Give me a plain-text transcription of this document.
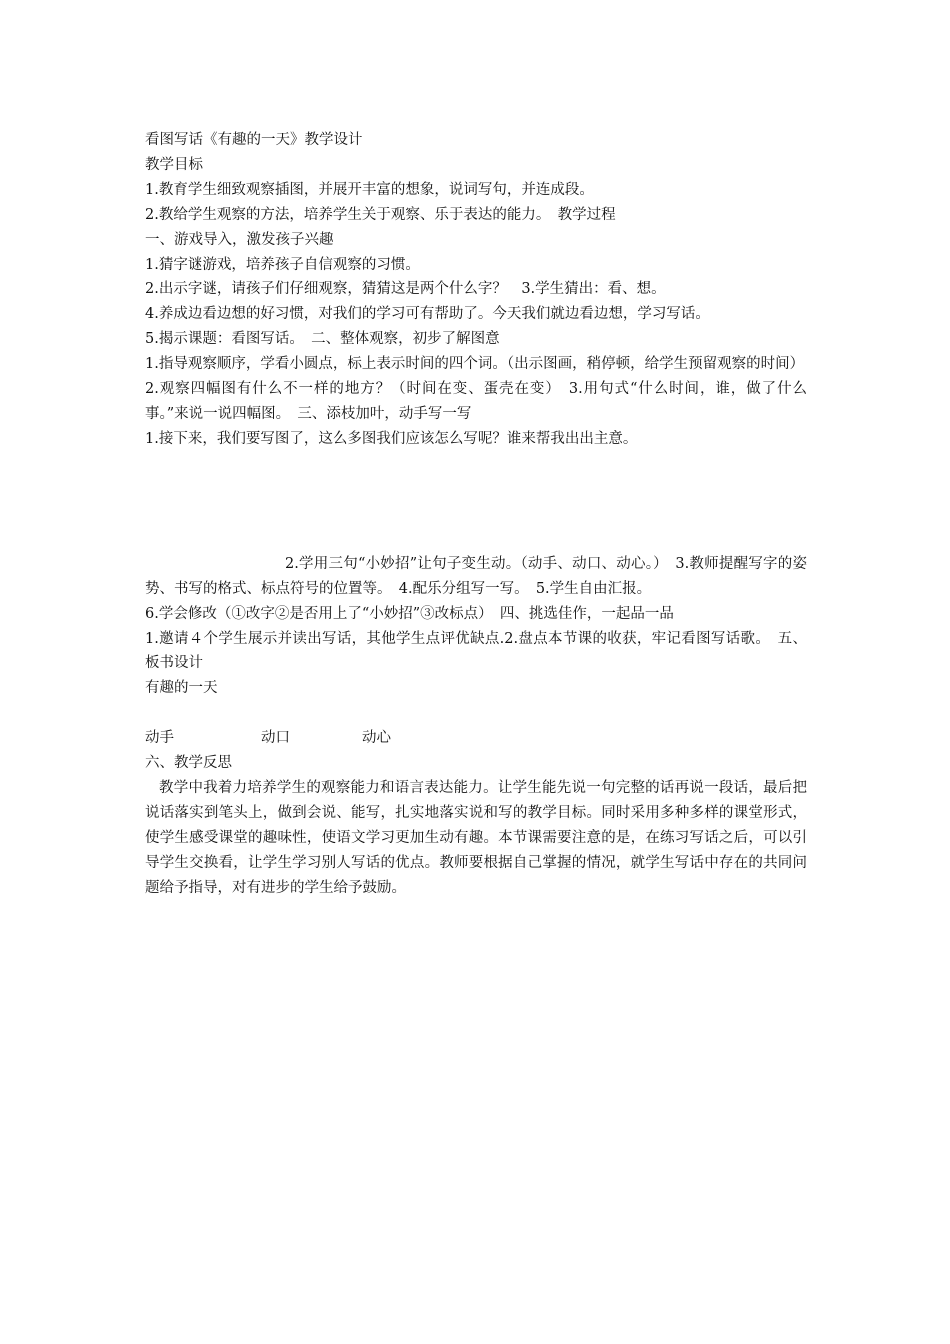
看图写话《有趣的一天》教学设计
教学目标
1.教育学生细致观察插图，并展开丰富的想象，说词写句，并连成段。
2.教给学生观察的方法，培养学生关于观察、乐于表达的能力。　教学过程
一、游戏导入，激发孩子兴趣
1.猜字谜游戏，培养孩子自信观察的习惯。
2.出示字谜，请孩子们仔细观察，猜猜这是两个什么字？　3.学生猜出：看、想。
4.养成边看边想的好习惯，对我们的学习可有帮助了。今天我们就边看边想，学习写话。
5.揭示课题：看图写话。　二、整体观察，初步了解图意
1.指导观察顺序，学看小圆点，标上表示时间的四个词。（出示图画，稍停顿，给学生预留观察的时间）
2.观察四幅图有什么不一样的地方？（时间在变、蛋壳在变）　3.用句式“什么时间，谁，做了什么事。”来说一说四幅图。　三、添枝加叶，动手写一写
1.接下来，我们要写图了，这么多图我们应该怎么写呢？谁来帮我出出主意。
2.学用三句“小妙招”让句子变生动。（动手、动口、动心。）　3.教师提醒写字的姿势、书写的格式、标点符号的位置等。　4.配乐分组写一写。　5.学生自由汇报。
6.学会修改（①改字②是否用上了“小妙招”③改标点）　四、挑选佳作，一起品一品
1.邀请４个学生展示并读出写话，其他学生点评优缺点.2.盘点本节课的收获，牢记看图写话歌。　五、板书设计
有趣的一天
动手	动口	动心
六、教学反思
教学中我着力培养学生的观察能力和语言表达能力。让学生能先说一句完整的话再说一段话，最后把说话落实到笔头上，做到会说、能写，扎实地落实说和写的教学目标。同时采用多种多样的课堂形式，使学生感受课堂的趣味性，使语文学习更加生动有趣。本节课需要注意的是，在练习写话之后，可以引导学生交换看，让学生学习别人写话的优点。教师要根据自己掌握的情况，就学生写话中存在的共同问题给予指导，对有进步的学生给予鼓励。
